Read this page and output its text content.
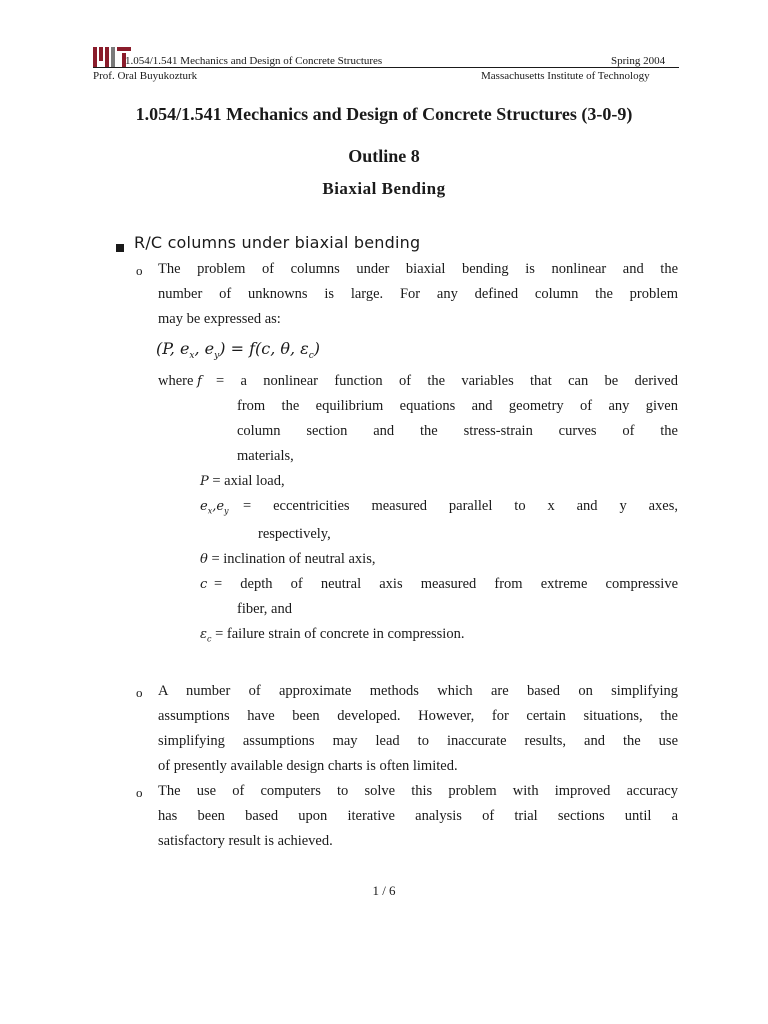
1.054/1.541 Mechanics and Design of Concrete Structures	Spring 2004
Prof. Oral Buyukozturk	Massachusetts Institute of Technology
1.054/1.541 Mechanics and Design of Concrete Structures (3-0-9)
Outline 8
Biaxial Bending
R/C columns under biaxial bending
o The problem of columns under biaxial bending is nonlinear and the
number of unknowns is large. For any defined column the problem
may be expressed as:
(P, $e_x$, $e_y) = f(c$, θ, $\varepsilon_c$)
where f = a nonlinear function of the variables that can be derived
from the equilibrium equations and geometry of any given
column section and the stress-strain curves of the
materials,
P = axial load,
$e_x,e_y$ = eccentricities measured parallel to x and y axes,
respectively,
θ = inclination of neutral axis,
c = depth of neutral axis measured from extreme compressive
fiber, and
$\varepsilon_c$ = failure strain of concrete in compression.
o A number of approximate methods which are based on simplifying
assumptions have been developed. However, for certain situations, the
simplifying assumptions may lead to inaccurate results, and the use
of presently available design charts is often limited.
o The use of computers to solve this problem with improved accuracy
has been based upon iterative analysis of trial sections until a
satisfactory result is achieved.
1 / 6
